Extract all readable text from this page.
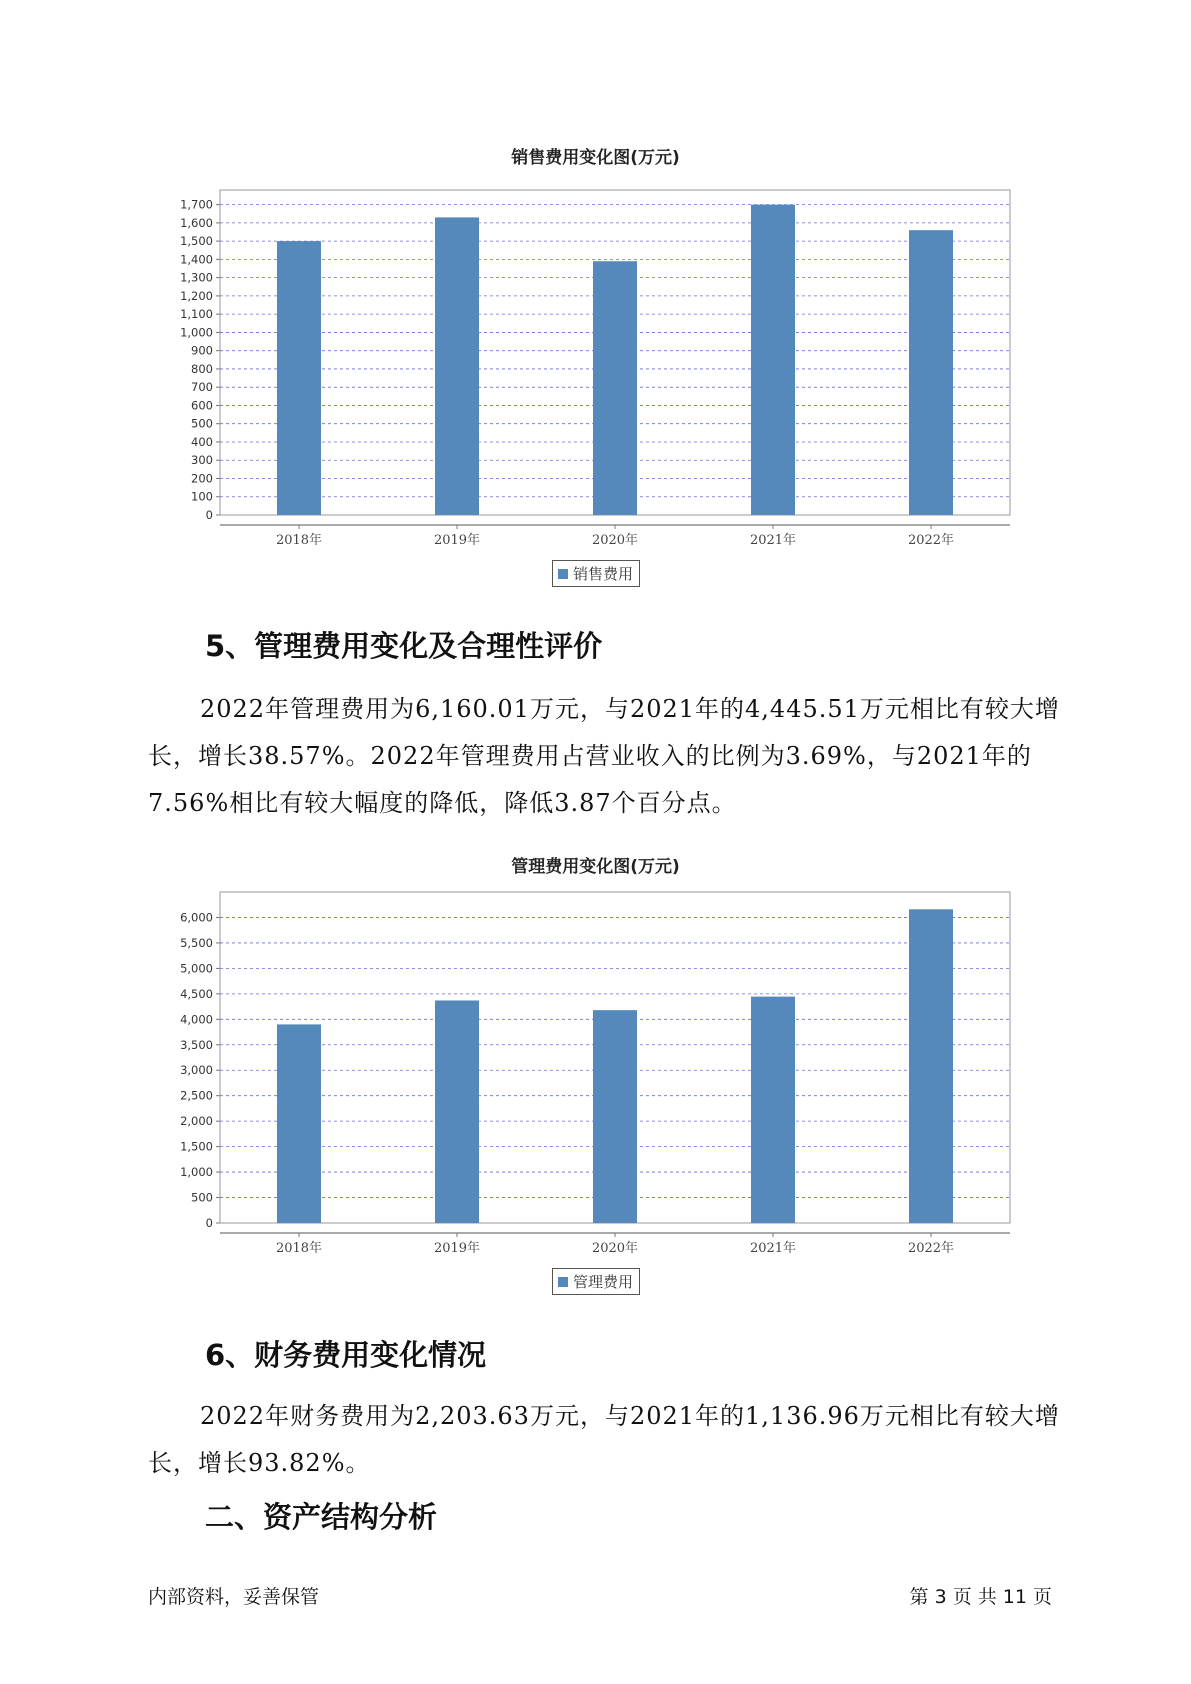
销售费用变化图(万元)
0
100
200
300
400
500
600
700
800
900
1,000
1,100
1,200
1,300
1,400
1,500
1,600
1,700
2018年	2019年	2020年	2021年	2022年
销售费用
5、管理费用变化及合理性评价

2022年管理费用为6,160.01万元，与2021年的4,445.51万元相比有较大增长，增长38.57%。2022年管理费用占营业收入的比例为3.69%，与2021年的7.56%相比有较大幅度的降低，降低3.87个百分点。

管理费用变化图(万元)
0
500
1,000
1,500
2,000
2,500
3,000
3,500
4,000
4,500
5,000
5,500
6,000
2018年	2019年	2020年	2021年	2022年
管理费用
6、财务费用变化情况

2022年财务费用为2,203.63万元，与2021年的1,136.96万元相比有较大增长，增长93.82%。

二、资产结构分析
内部资料，妥善保管	第 3 页 共 11 页
